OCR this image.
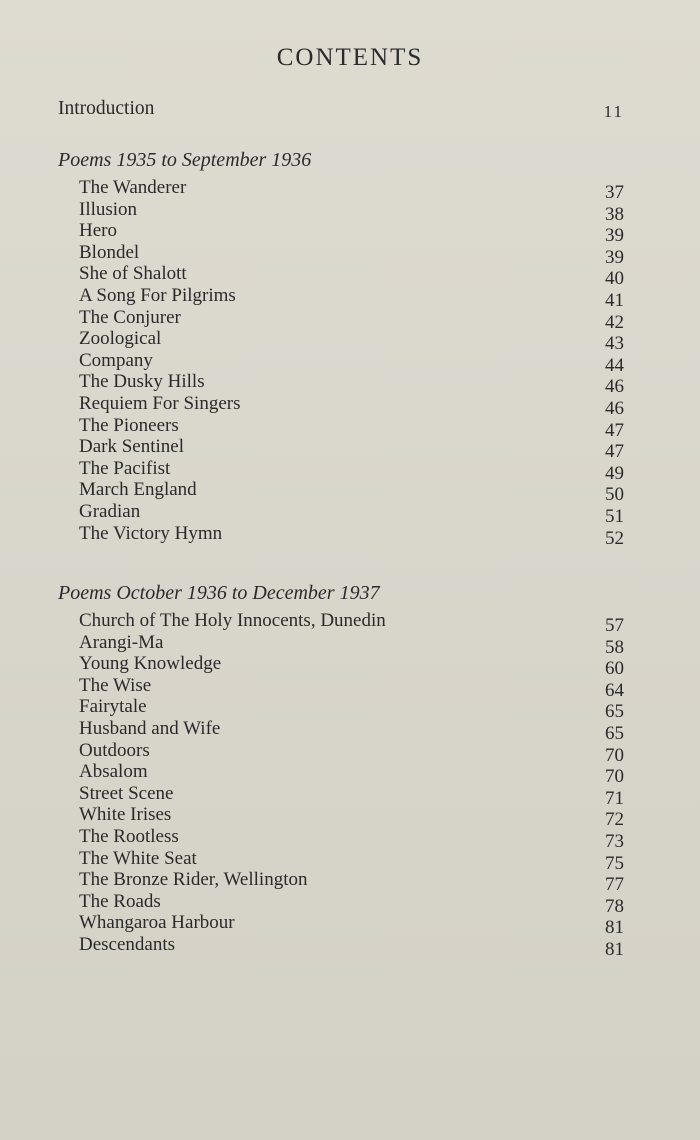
CONTENTS
Introduction	11
Poems 1935 to September 1936
The Wanderer	37
Illusion	38
Hero	39
Blondel	39
She of Shalott	40
A Song For Pilgrims	41
The Conjurer	42
Zoological	43
Company	44
The Dusky Hills	46
Requiem For Singers	46
The Pioneers	47
Dark Sentinel	47
The Pacifist	49
March England	50
Gradian	51
The Victory Hymn	52
Poems October 1936 to December 1937
Church of The Holy Innocents, Dunedin	57
Arangi-Ma	58
Young Knowledge	60
The Wise	64
Fairytale	65
Husband and Wife	65
Outdoors	70
Absalom	70
Street Scene	71
White Irises	72
The Rootless	73
The White Seat	75
The Bronze Rider, Wellington	77
The Roads	78
Whangaroa Harbour	81
Descendants	81
